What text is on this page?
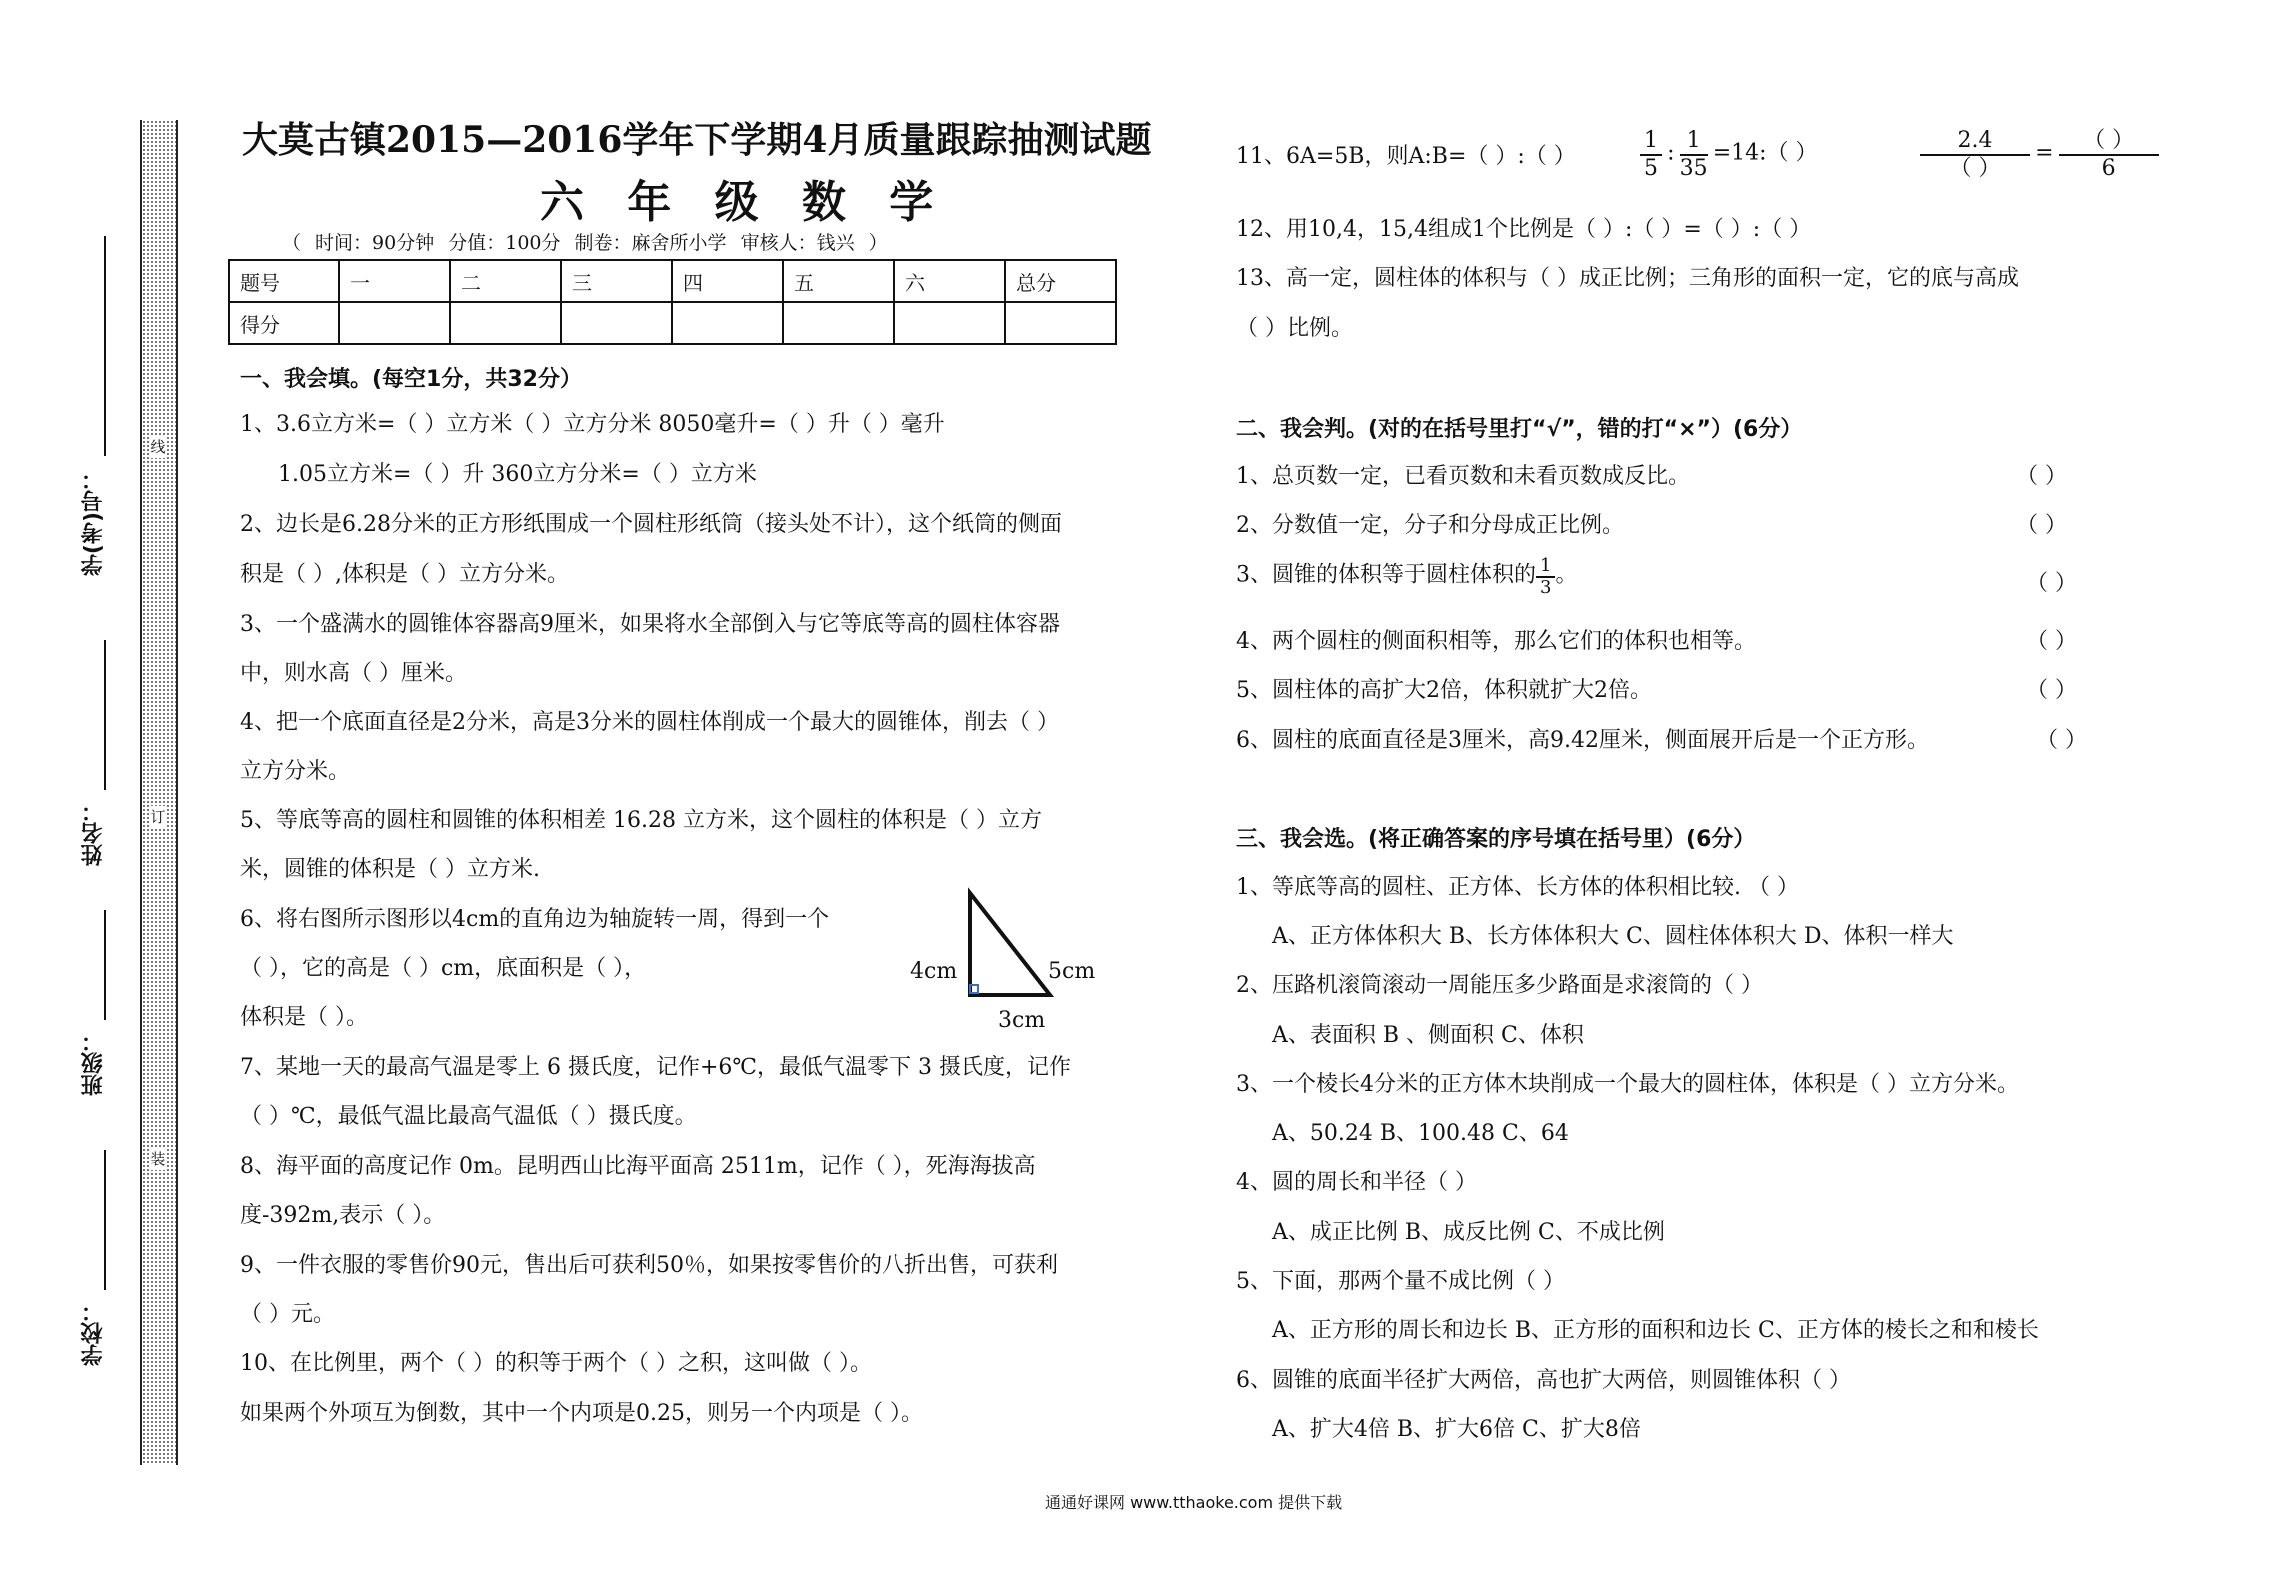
线
订
装
学(考)号：
姓名：
班级：
学校：
大莫古镇2015—2016学年下学期4月质量跟踪抽测试题
六 年 级 数 学
（ 时间：90分钟 分值：100分 制卷：麻舍所小学 审核人：钱兴 ）
题号	一	二	三	四	五	六	总分
得分							
一、我会填。(每空1分，共32分）
1、3.6立方米=（ ）立方米（ ）立方分米 8050毫升=（ ）升（ ）毫升
1.05立方米=（ ）升 360立方分米=（ ）立方米
2、边长是6.28分米的正方形纸围成一个圆柱形纸筒（接头处不计），这个纸筒的侧面
积是（ ）,体积是（ ）立方分米。
3、一个盛满水的圆锥体容器高9厘米，如果将水全部倒入与它等底等高的圆柱体容器
中，则水高（ ）厘米。
4、把一个底面直径是2分米，高是3分米的圆柱体削成一个最大的圆锥体，削去（ ）
立方分米。
5、等底等高的圆柱和圆锥的体积相差 16.28 立方米，这个圆柱的体积是（ ）立方
米，圆锥的体积是（ ）立方米.
6、将右图所示图形以4cm的直角边为轴旋转一周，得到一个
（ ），它的高是（ ）cm，底面积是（ ），
体积是（ ）。
7、某地一天的最高气温是零上 6 摄氏度，记作+6℃，最低气温零下 3 摄氏度，记作
（ ）℃，最低气温比最高气温低（ ）摄氏度。
8、海平面的高度记作 0m。昆明西山比海平面高 2511m，记作（ ），死海海拔高
度-392m,表示（ ）。
9、一件衣服的零售价90元，售出后可获利50％，如果按零售价的八折出售，可获利
（ ）元。
10、在比例里，两个（ ）的积等于两个（ ）之积，这叫做（ ）。
如果两个外项互为倒数，其中一个内项是0.25，则另一个内项是（ ）。
4cm	5cm
3cm
11、6A=5B，则A:B=（ ）:（ ）	$\frac{1}{5}$ : $\frac{1}{35}$ =14:（ ）	$\frac{2.4}{( )} = \frac{( )}{6}$
12、用10,4，15,4组成1个比例是（ ）:（ ）=（ ）:（ ）
13、高一定，圆柱体的体积与（ ）成正比例；三角形的面积一定，它的底与高成
（ ）比例。
二、我会判。(对的在括号里打“√”，错的打“×”）(6分）
1、总页数一定，已看页数和未看页数成反比。	（ ）
2、分数值一定，分子和分母成正比例。	（ ）
3、圆锥的体积等于圆柱体积的 $\frac{1}{3}$ 。	（ ）
4、两个圆柱的侧面积相等，那么它们的体积也相等。	（ ）
5、圆柱体的高扩大2倍，体积就扩大2倍。	（ ）
6、圆柱的底面直径是3厘米，高9.42厘米，侧面展开后是一个正方形。	（ ）
三、我会选。(将正确答案的序号填在括号里）(6分）
1、等底等高的圆柱、正方体、长方体的体积相比较. （ ）
A、正方体体积大 B、长方体体积大 C、圆柱体体积大 D、体积一样大
2、压路机滚筒滚动一周能压多少路面是求滚筒的（ ）
A、表面积 B 、侧面积 C、体积
3、一个棱长4分米的正方体木块削成一个最大的圆柱体，体积是（ ）立方分米。
A、50.24 B、100.48 C、64
4、圆的周长和半径（ ）
A、成正比例 B、成反比例 C、不成比例
5、下面，那两个量不成比例（ ）
A、正方形的周长和边长 B、正方形的面积和边长 C、正方体的棱长之和和棱长
6、圆锥的底面半径扩大两倍，高也扩大两倍，则圆锥体积（ ）
A、扩大4倍 B、扩大6倍 C、扩大8倍
通通好课网 www.tthaoke.com 提供下载
